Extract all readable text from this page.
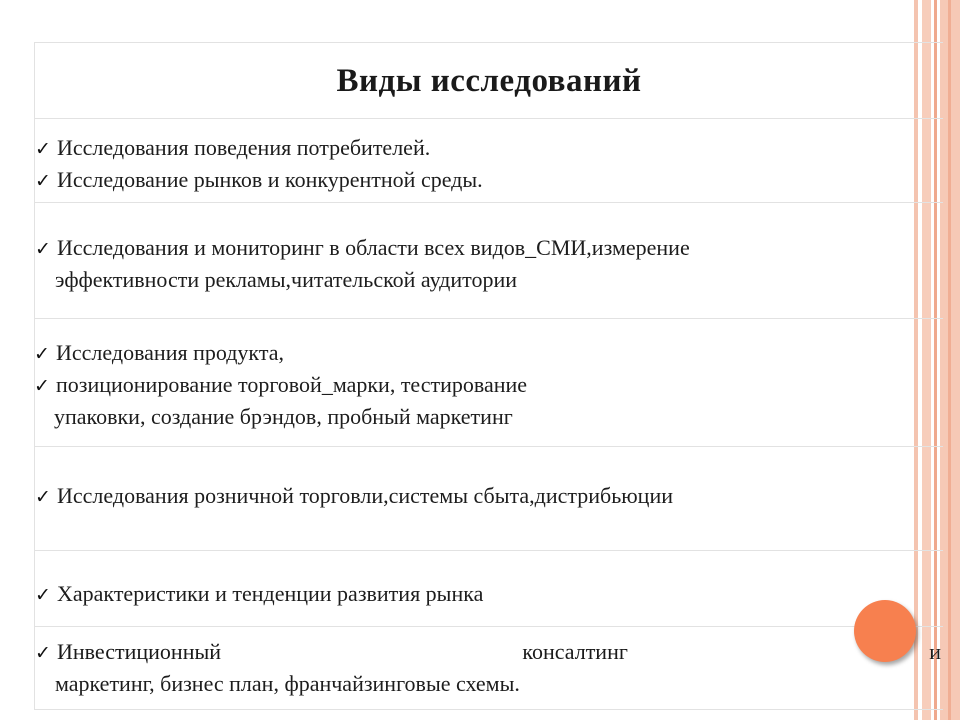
Виды исследований
✓ Исследования поведения потребителей.
✓ Исследование рынков и конкурентной среды.
✓ Исследования и мониторинг в области всех видов_СМИ,измерение
эффективности рекламы,читательской аудитории
✓ Исследования розничной торговли,системы сбыта,дистрибьюции
✓ Характеристики и тенденции развития рынка
✓ Инвестиционный	консалтинг	и
маркетинг, бизнес план, франчайзинговые схемы.
✓ Исследования продукта,
✓ позиционирование торговой_марки, тестирование
упаковки, создание брэндов, пробный маркетинг
